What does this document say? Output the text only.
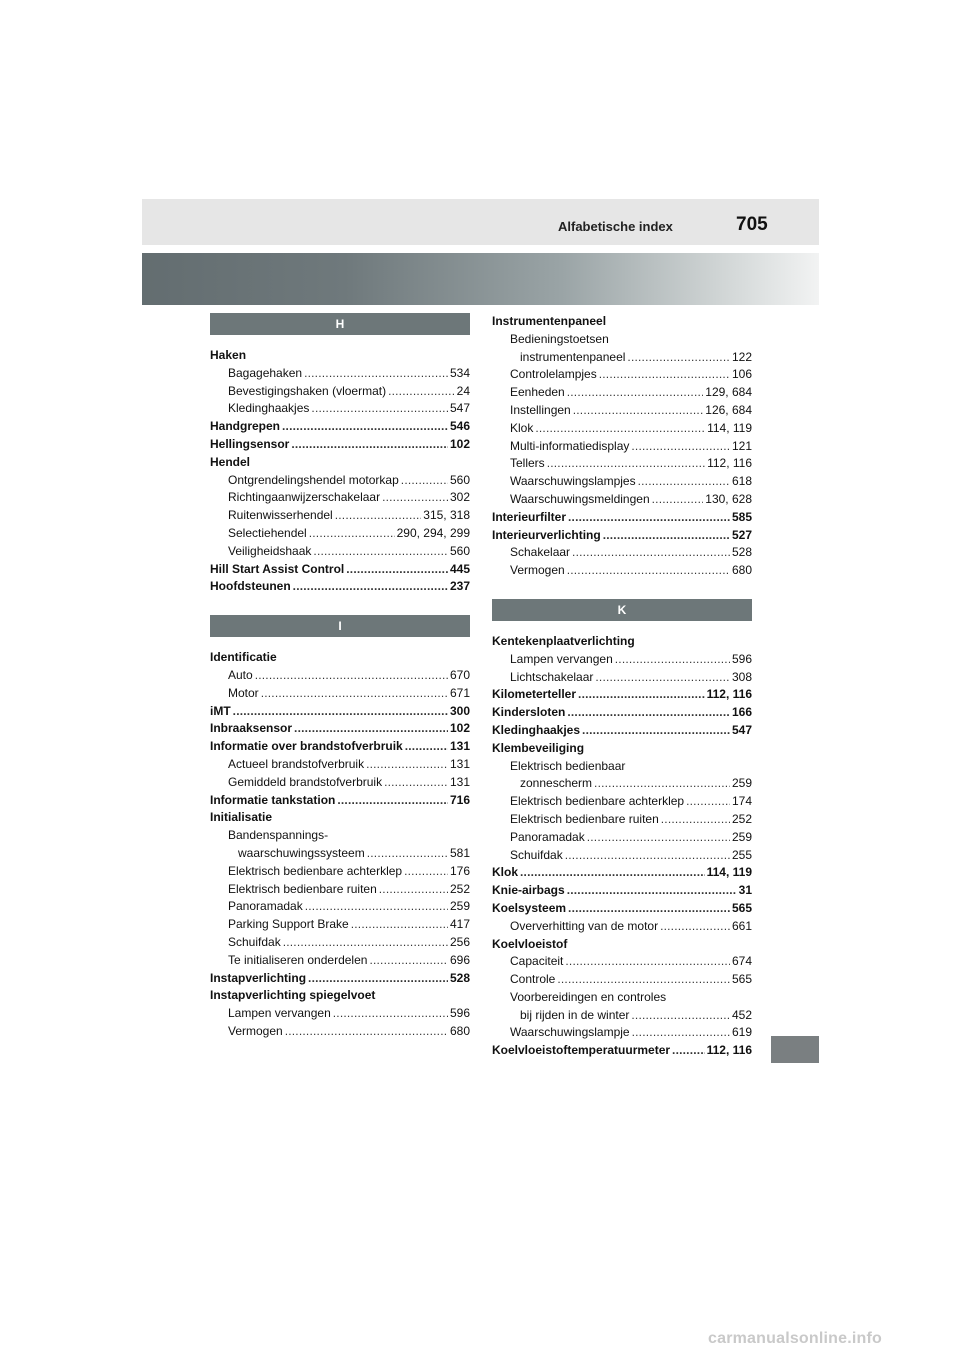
Alfabetische index	705
H
Haken
Bagagehaken .....	534
Bevestigingshaken (vloermat) .....	24
Kledinghaakjes .....	547
Handgrepen .....	546
Hellingsensor .....	102
Hendel
Ontgrendelingshendel motorkap .....	560
Richtingaanwijzerschakelaar .....	302
Ruitenwisserhendel .....	315, 318
Selectiehendel .....	290, 294, 299
Veiligheidshaak .....	560
Hill Start Assist Control .....	445
Hoofdsteunen .....	237
I
Identificatie
Auto .....	670
Motor .....	671
iMT .....	300
Inbraaksensor .....	102
Informatie over brandstofverbruik .....	131
Actueel brandstofverbruik .....	131
Gemiddeld brandstofverbruik .....	131
Informatie tankstation .....	716
Initialisatie
Bandenspannings-
waarschuwingssysteem .....	581
Elektrisch bedienbare achterklep .....	176
Elektrisch bedienbare ruiten .....	252
Panoramadak .....	259
Parking Support Brake .....	417
Schuifdak .....	256
Te initialiseren onderdelen .....	696
Instapverlichting .....	528
Instapverlichting spiegelvoet
Lampen vervangen .....	596
Vermogen .....	680
Instrumentenpaneel
Bedieningstoetsen
instrumentenpaneel .....	122
Controlelampjes .....	106
Eenheden .....	129, 684
Instellingen .....	126, 684
Klok .....	114, 119
Multi-informatiedisplay .....	121
Tellers .....	112, 116
Waarschuwingslampjes .....	618
Waarschuwingsmeldingen .....	130, 628
Interieurfilter .....	585
Interieurverlichting .....	527
Schakelaar .....	528
Vermogen .....	680
K
Kentekenplaatverlichting
Lampen vervangen .....	596
Lichtschakelaar .....	308
Kilometerteller .....	112, 116
Kindersloten .....	166
Kledinghaakjes .....	547
Klembeveiliging
Elektrisch bedienbaar
zonnescherm .....	259
Elektrisch bedienbare achterklep .....	174
Elektrisch bedienbare ruiten .....	252
Panoramadak .....	259
Schuifdak .....	255
Klok .....	114, 119
Knie-airbags .....	31
Koelsysteem .....	565
Oververhitting van de motor .....	661
Koelvloeistof
Capaciteit .....	674
Controle .....	565
Voorbereidingen en controles
bij rijden in de winter .....	452
Waarschuwingslampje .....	619
Koelvloeistoftemperatuurmeter .....	112, 116
carmanualsonline.info
